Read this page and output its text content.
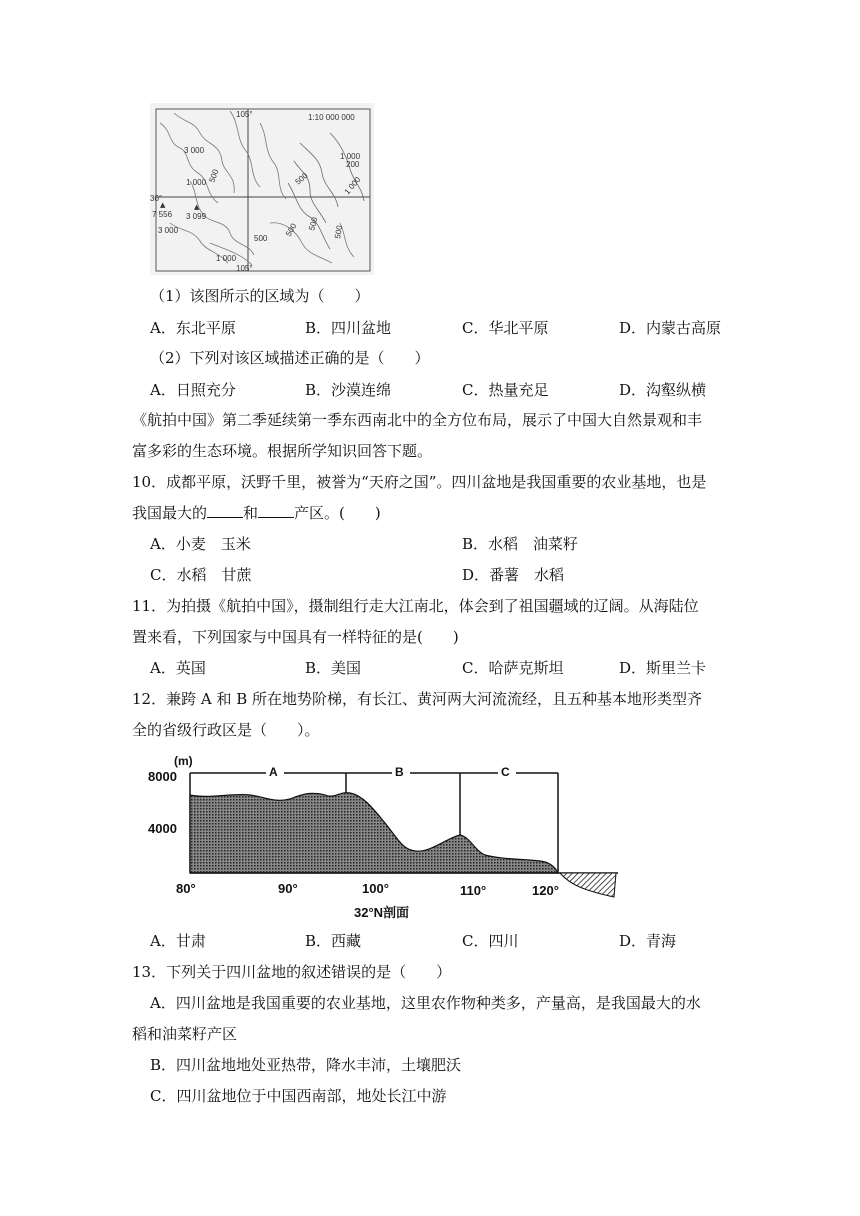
1:10 000 000
105°
105°
30°
3 000
1 000 500
1 000
200
500
3 000
500
500
1 000
500
1 000
500
▲
7 556
▲
3 099
（1）该图所示的区域为（　　）
A．东北平原	B．四川盆地	C．华北平原	D．内蒙古高原
（2）下列对该区域描述正确的是（　　）
A．日照充分	B．沙漠连绵	C．热量充足	D．沟壑纵横
《航拍中国》第二季延续第一季东西南北中的全方位布局，展示了中国大自然景观和丰
富多彩的生态环境。根据所学知识回答下题。
10．成都平原，沃野千里，被誉为“天府之国”。四川盆地是我国重要的农业基地，也是
我国最大的 和 产区。(　　)
A．小麦　玉米	B．水稻　油菜籽
C．水稻　甘蔗	D．番薯　水稻
11．为拍摄《航拍中国》，摄制组行走大江南北，体会到了祖国疆域的辽阔。从海陆位
置来看，下列国家与中国具有一样特征的是(　　)
A．英国	B．美国	C．哈萨克斯坦	D．斯里兰卡
12．兼跨 A 和 B 所在地势阶梯，有长江、黄河两大河流流经，且五种基本地形类型齐
全的省级行政区是（　　）。
(m)
8000
4000
A	B	C
80°	90°	100°	110°	120°
32°N剖面
A．甘肃	B．西藏	C．四川	D．青海
13．下列关于四川盆地的叙述错误的是（　　）
A．四川盆地是我国重要的农业基地，这里农作物种类多，产量高，是我国最大的水
稻和油菜籽产区
B．四川盆地地处亚热带，降水丰沛，土壤肥沃
C．四川盆地位于中国西南部，地处长江中游
